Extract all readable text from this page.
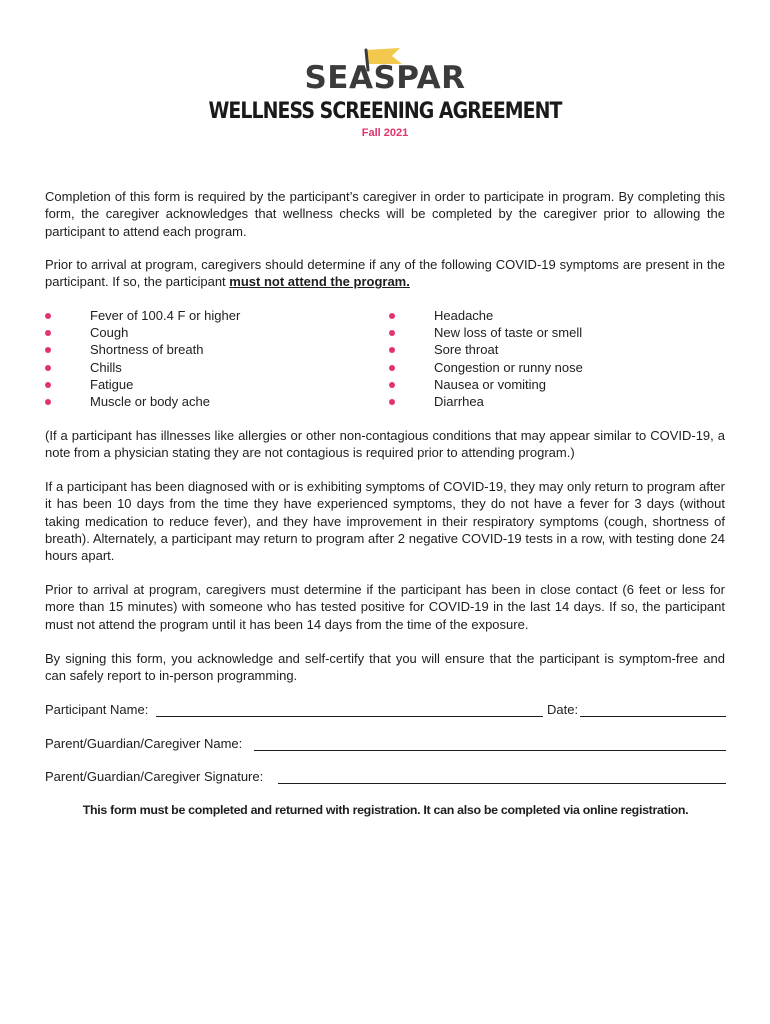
SEASPAR
WELLNESS SCREENING AGREEMENT
Fall 2021

Completion of this form is required by the participant’s caregiver in order to participate in program. By completing this form, the caregiver acknowledges that wellness checks will be completed by the caregiver prior to allowing the participant to attend each program.

Prior to arrival at program, caregivers should determine if any of the following COVID-19 symptoms are present in the participant. If so, the participant must not attend the program.

Fever of 100.4 F or higher
Cough
Shortness of breath
Chills
Fatigue
Muscle or body ache
Headache
New loss of taste or smell
Sore throat
Congestion or runny nose
Nausea or vomiting
Diarrhea

(If a participant has illnesses like allergies or other non-contagious conditions that may appear similar to COVID-19, a note from a physician stating they are not contagious is required prior to attending program.)

If a participant has been diagnosed with or is exhibiting symptoms of COVID-19, they may only return to program after it has been 10 days from the time they have experienced symptoms, they do not have a fever for 3 days (without taking medication to reduce fever), and they have improvement in their respiratory symptoms (cough, shortness of breath). Alternately, a participant may return to program after 2 negative COVID-19 tests in a row, with testing done 24 hours apart.

Prior to arrival at program, caregivers must determine if the participant has been in close contact (6 feet or less for more than 15 minutes) with someone who has tested positive for COVID-19 in the last 14 days. If so, the participant must not attend the program until it has been 14 days from the time of the exposure.

By signing this form, you acknowledge and self-certify that you will ensure that the participant is symptom-free and can safely report to in-person programming.

Participant Name:	Date:
Parent/Guardian/Caregiver Name:
Parent/Guardian/Caregiver Signature:
This form must be completed and returned with registration. It can also be completed via online registration.
